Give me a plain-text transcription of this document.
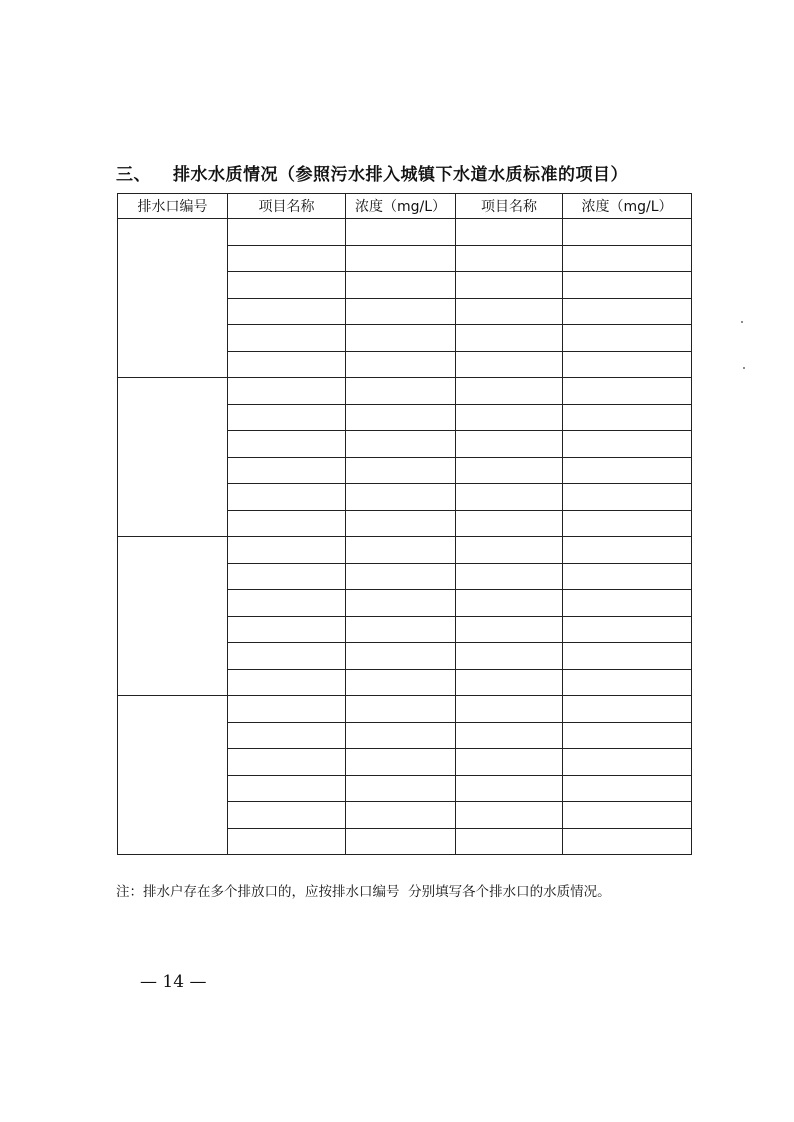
三、 排水水质情况（参照污水排入城镇下水道水质标准的项目）
排水口编号	项目名称	浓度（mg/L）	项目名称	浓度（mg/L）

注：排水户存在多个排放口的，应按排水口编号  分别填写各个排水口的水质情况。
— 14 —
